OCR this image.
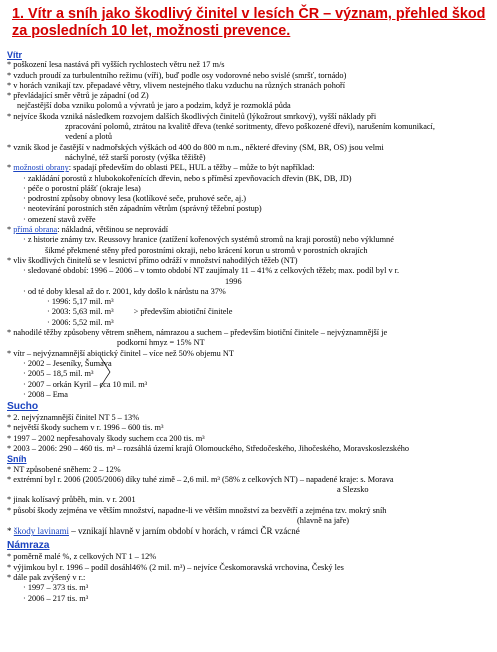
1. Vítr a sníh jako škodlivý činitel v lesích ČR – význam, přehled škod za posledních 10 let, možnosti prevence.
Vítr
* poškození lesa nastává při vyšších rychlostech větru než 17 m/s
* vzduch proudí za turbulentního režimu (víři), buď podle osy vodorovné nebo svislé (smršť, tornádo)
* v horách vznikají tzv. přepadavé větry, vlivem nestejného tlaku vzduchu na různých stranách pohoří
* převládající směr větrů je západní (od Z)
nejčastější doba vzniku polomů a vývratů je jaro a podzim, když je rozmoklá půda
* nejvíce škoda vzniká následkem rozvojem dalších škodlivých činitelů (lýkožrout smrkový), vyšší náklady při
zpracování polomů, ztrátou na kvalitě dřeva (tenké soritmenty, dřevo poškozené dřevi), narušením komunikací,
vedení a plotů
* vznik škod je častější v nadmořských výškách od 400 do 800 m n.m., některé dřeviny (SM, BR, OS) jsou velmi
náchylné, též starší porosty (výška těžiště)
* možnosti obrany: spadají především do oblasti PEL, HUL a těžby – může to být například:
· zakládání porostů z hlubokokořenících dřevin, nebo s příměsí zpevňovacích dřevin (BK, DB, JD)
· péče o porostní plášť (okraje lesa)
· podrostní způsoby obnovy lesa (kotlíkové seče, pruhové seče, aj.)
· neotevírání porostních stěn západním větrům (správný těžební postup)
· omezení stavů zvěře
* přímá obrana: nákladná, většinou se neprovádí
· z historie známy tzv. Reussovy hranice (zatížení kořenových systémů stromů na kraji porostů) nebo výklumné
šikmé překmené stěny před porostními okraji, nebo krácení korun u stromů v porostních okrajích
* vliv škodlivých činitelů se v lesnictví přímo odráží v množství nahodilých těžeb (NT)
· sledované období: 1996 – 2006 – v tomto období NT zaujímaly 11 – 41% z celkových těžeb; max. podíl byl v r.
1996
· od té doby klesal až do r. 2001, kdy došlo k nárůstu na 37%
· 1996: 5,17 mil. m³
· 2003: 5,63 mil. m³ > především abiotiční činitele
· 2006: 5,52 mil. m³
* nahodilé těžby způsobeny větrem sněhem, námrazou a suchem – především biotiční činitele – nejvýznamnější je
podkorní hmyz = 15% NT
* vítr – nejvýznamnější abiotický činitel – více než 50% objemu NT
· 2002 – Jeseníky, Šumava
· 2005 – 18,5 mil. m³
· 2007 – orkán Kyril – cca 10 mil. m³
· 2008 – Ema
Sucho
* 2. nejvýznamnější činitel NT 5 – 13%
* největší škody suchem v r. 1996 – 600 tis. m³
* 1997 – 2002 nepřesahovaly škody suchem cca 200 tis. m³
* 2003 – 2006: 290 – 460 tis. m³ – rozsáhlá území krajů Olomouckého, Středočeského, Jihočeského, Moravskoslezského
Sníh
* NT způsobené sněhem: 2 – 12%
* extrémní byl r. 2006 (2005/2006) díky tuhé zimě – 2,6 mil. m³ (58% z celkových NT) – napadené kraje: s. Morava
a Slezsko
* jinak kolísavý průběh, min. v r. 2001
* působí škody zejména ve větším množství, napadne-li ve větším množství za bezvětří a zejména tzv. mokrý sníh
(hlavně na jaře)
* škody lavinami – vznikají hlavně v jarním období v horách, v rámci ČR vzácné
Námraza
* poměrně malé %, z celkových NT 1 – 12%
* výjimkou byl r. 1996 – podíl dosáhl46% (2 mil. m³) – nejvíce Českomoravská vrchovina, Český les
* dále pak zvýšený v r.:
· 1997 – 373 tis. m³
· 2006 – 217 tis. m³
